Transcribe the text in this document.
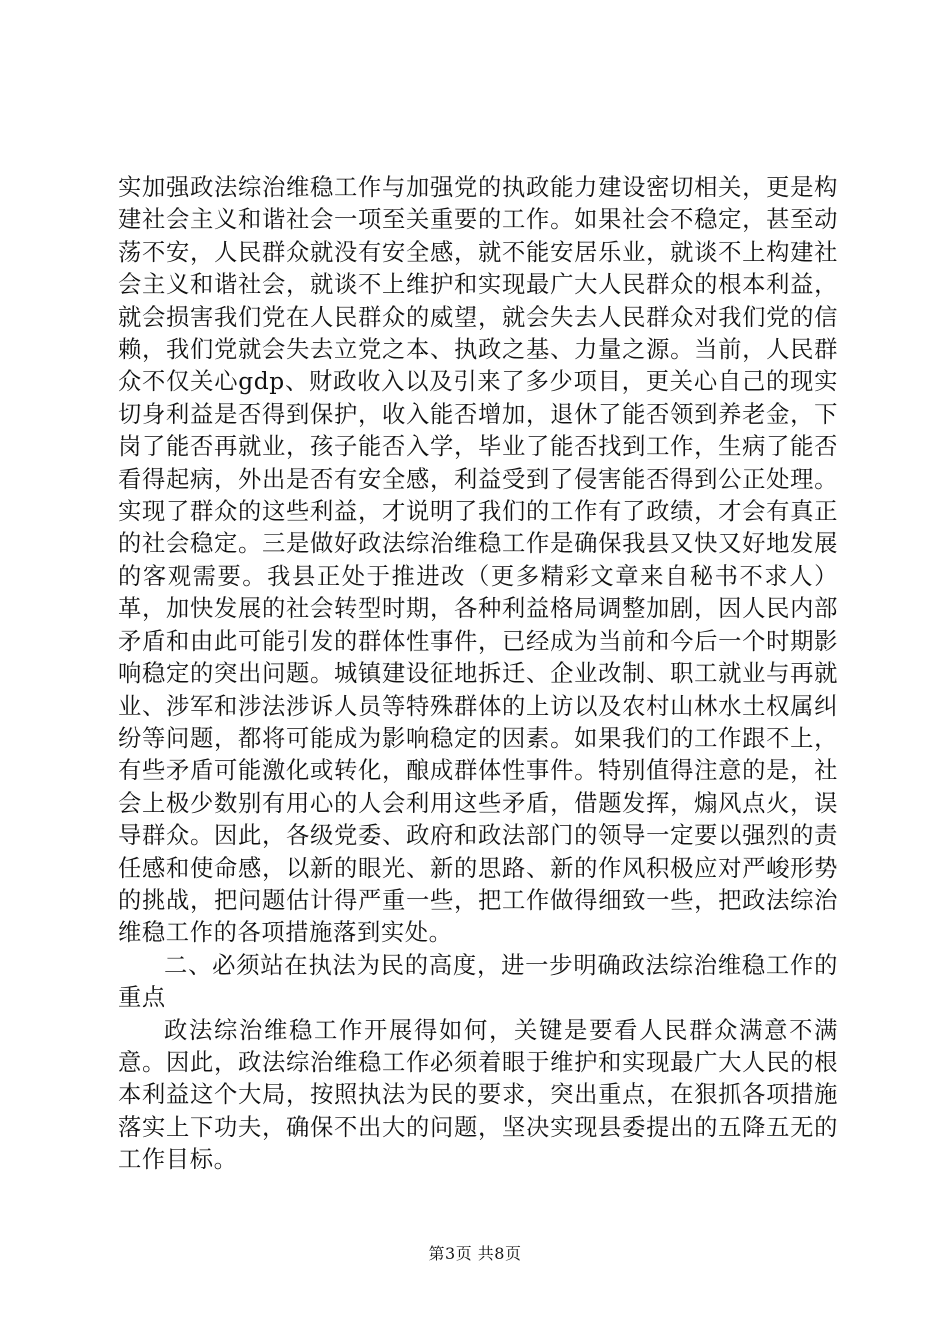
实加强政法综治维稳工作与加强党的执政能力建设密切相关，更是构建社会主义和谐社会一项至关重要的工作。如果社会不稳定，甚至动荡不安，人民群众就没有安全感，就不能安居乐业，就谈不上构建社会主义和谐社会，就谈不上维护和实现最广大人民群众的根本利益，就会损害我们党在人民群众的威望，就会失去人民群众对我们党的信赖，我们党就会失去立党之本、执政之基、力量之源。当前，人民群众不仅关心gdp、财政收入以及引来了多少项目，更关心自己的现实切身利益是否得到保护，收入能否增加，退休了能否领到养老金，下岗了能否再就业，孩子能否入学，毕业了能否找到工作，生病了能否看得起病，外出是否有安全感，利益受到了侵害能否得到公正处理。实现了群众的这些利益，才说明了我们的工作有了政绩，才会有真正的社会稳定。三是做好政法综治维稳工作是确保我县又快又好地发展的客观需要。我县正处于推进改（更多精彩文章来自秘书不求人）革，加快发展的社会转型时期，各种利益格局调整加剧，因人民内部矛盾和由此可能引发的群体性事件，已经成为当前和今后一个时期影响稳定的突出问题。城镇建设征地拆迁、企业改制、职工就业与再就业、涉军和涉法涉诉人员等特殊群体的上访以及农村山林水土权属纠纷等问题，都将可能成为影响稳定的因素。如果我们的工作跟不上，有些矛盾可能激化或转化，酿成群体性事件。特别值得注意的是，社会上极少数别有用心的人会利用这些矛盾，借题发挥，煽风点火，误导群众。因此，各级党委、政府和政法部门的领导一定要以强烈的责任感和使命感，以新的眼光、新的思路、新的作风积极应对严峻形势的挑战，把问题估计得严重一些，把工作做得细致一些，把政法综治维稳工作的各项措施落到实处。

二、必须站在执法为民的高度，进一步明确政法综治维稳工作的重点

政法综治维稳工作开展得如何，关键是要看人民群众满意不满意。因此，政法综治维稳工作必须着眼于维护和实现最广大人民的根本利益这个大局，按照执法为民的要求，突出重点，在狠抓各项措施落实上下功夫，确保不出大的问题，坚决实现县委提出的五降五无的工作目标。

第3页 共8页
